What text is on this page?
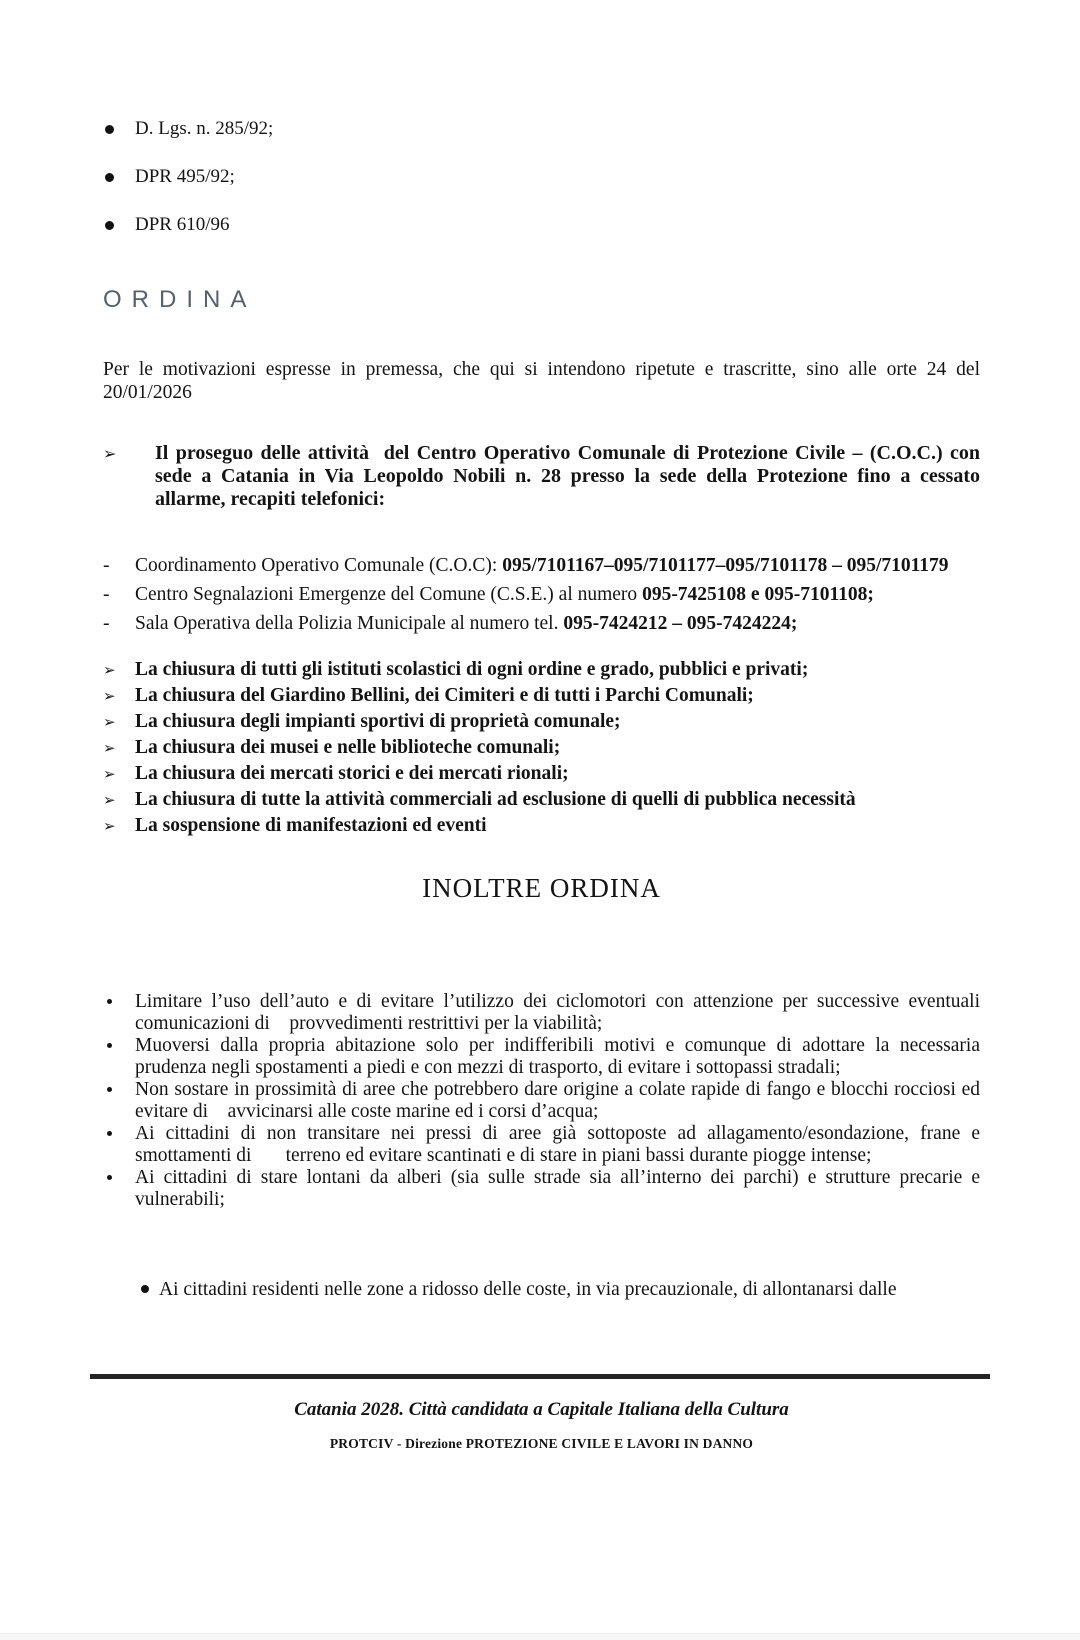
D. Lgs. n. 285/92;
DPR 495/92;
DPR 610/96
ORDINA

Per le motivazioni espresse in premessa, che qui si intendono ripetute e trascritte, sino alle orte 24 del 20/01/2026

➢	Il proseguo delle attività  del Centro Operativo Comunale di Protezione Civile – (C.O.C.) con sede a Catania in Via Leopoldo Nobili n. 28 presso la sede della Protezione fino a cessato allarme, recapiti telefonici:
-	Coordinamento Operativo Comunale (C.O.C): 095/7101167–095/7101177–095/7101178 – 095/7101179
-	Centro Segnalazioni Emergenze del Comune (C.S.E.) al numero 095-7425108 e 095-7101108;
-	Sala Operativa della Polizia Municipale al numero tel. 095-7424212 – 095-7424224;
➢ La chiusura di tutti gli istituti scolastici di ogni ordine e grado, pubblici e privati;
➢ La chiusura del Giardino Bellini, dei Cimiteri e di tutti i Parchi Comunali;
➢ La chiusura degli impianti sportivi di proprietà comunale;
➢ La chiusura dei musei e nelle biblioteche comunali;
➢ La chiusura dei mercati storici e dei mercati rionali;
➢ La chiusura di tutte la attività commerciali ad esclusione di quelli di pubblica necessità
➢ La sospensione di manifestazioni ed eventi
INOLTRE ORDINA
Limitare l’uso dell’auto e di evitare l’utilizzo dei ciclomotori con attenzione per successive eventuali comunicazioni di    provvedimenti restrittivi per la viabilità;
Muoversi dalla propria abitazione solo per indifferibili motivi e comunque di adottare la necessaria prudenza negli spostamenti a piedi e con mezzi di trasporto, di evitare i sottopassi stradali;
Non sostare in prossimità di aree che potrebbero dare origine a colate rapide di fango e blocchi rocciosi ed evitare di    avvicinarsi alle coste marine ed i corsi d’acqua;
Ai cittadini di non transitare nei pressi di aree già sottoposte ad allagamento/esondazione, frane e smottamenti di       terreno ed evitare scantinati e di stare in piani bassi durante piogge intense;
Ai cittadini di stare lontani da alberi (sia sulle strade sia all’interno dei parchi) e strutture precarie e vulnerabili;
Ai cittadini residenti nelle zone a ridosso delle coste, in via precauzionale, di allontanarsi dalle
Catania 2028. Città candidata a Capitale Italiana della Cultura
PROTCIV - Direzione PROTEZIONE CIVILE E LAVORI IN DANNO
